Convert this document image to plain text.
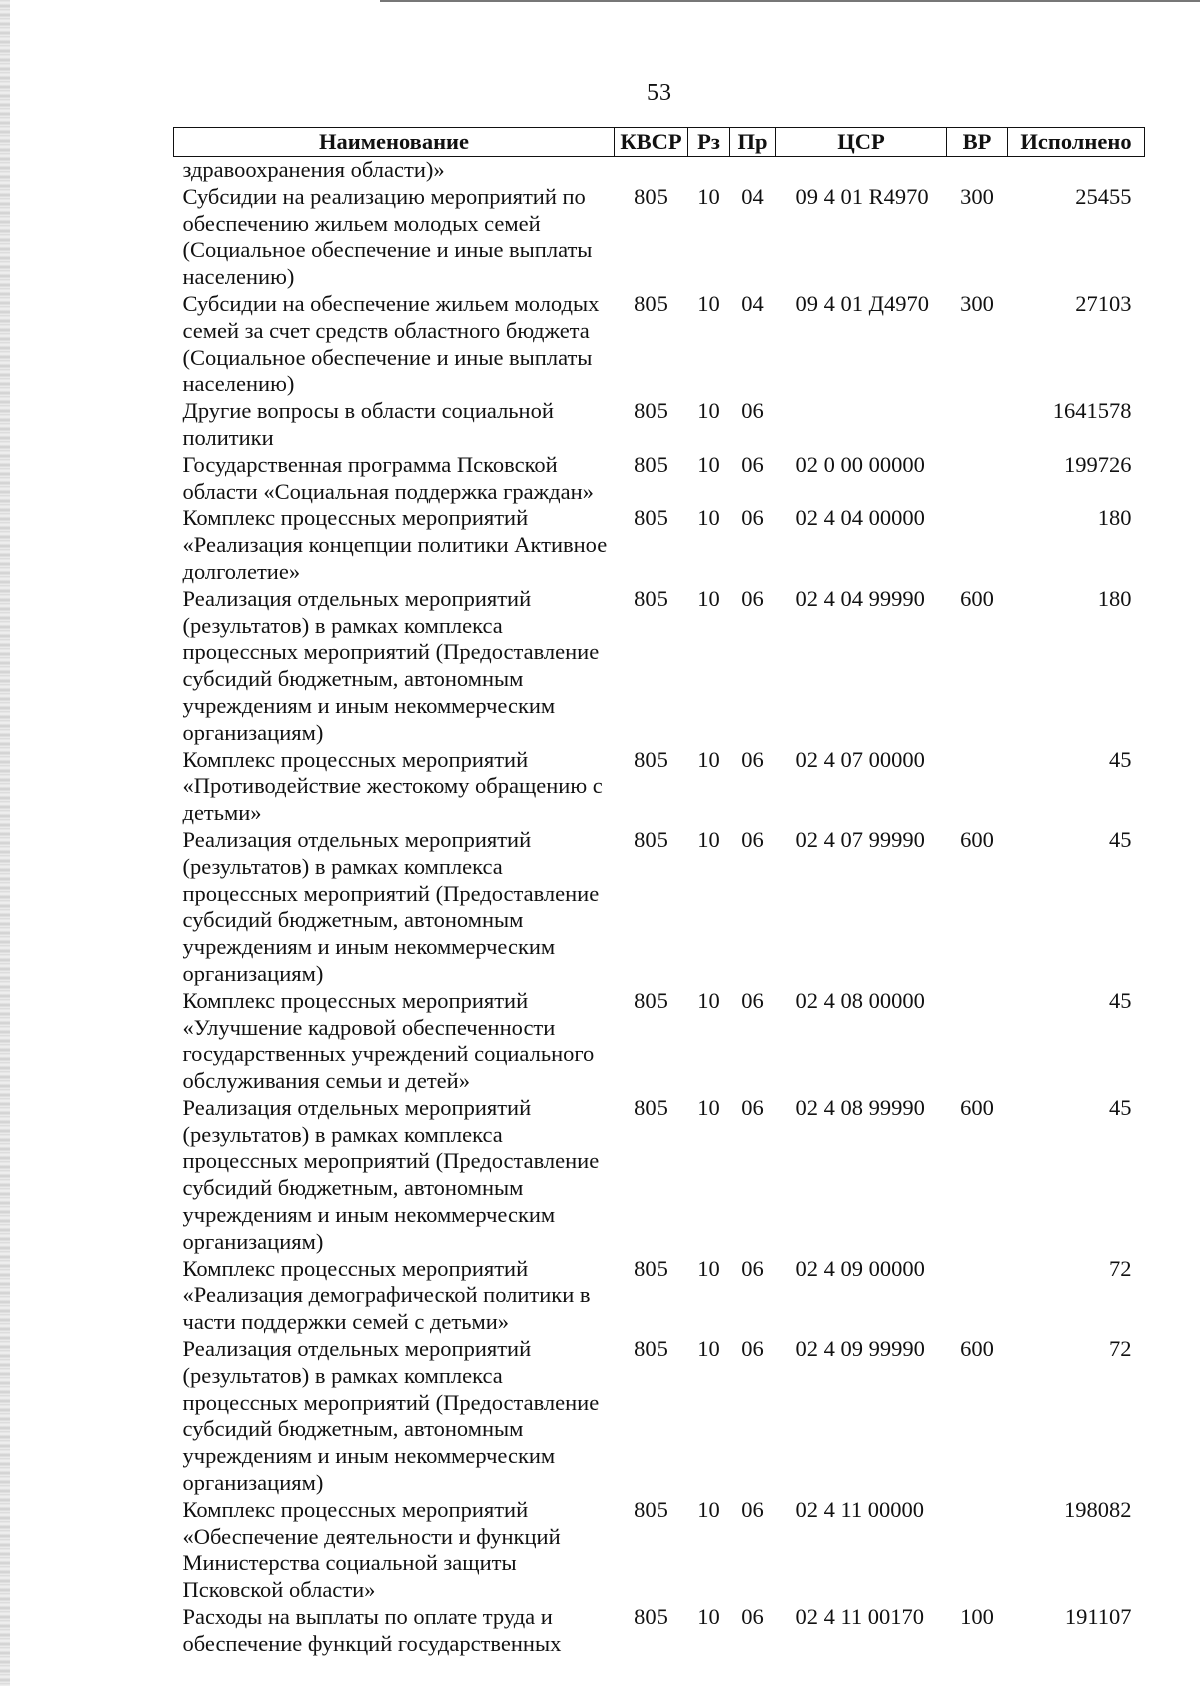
53
Наименование	КВСР	Рз	Пр	ЦСР	ВР	Исполнено
здравоохранения области)»						
Субсидии на реализацию мероприятий по обеспечению жильем молодых семей (Социальное обеспечение и иные выплаты населению)	805	10	04	09 4 01 R4970	300	25455
Субсидии на обеспечение жильем молодых семей за счет средств областного бюджета (Социальное обеспечение и иные выплаты населению)	805	10	04	09 4 01 Д4970	300	27103
Другие вопросы в области социальной политики	805	10	06			1641578
Государственная программа Псковской области «Социальная поддержка граждан»	805	10	06	02 0 00 00000		199726
Комплекс процессных мероприятий «Реализация концепции политики Активное долголетие»	805	10	06	02 4 04 00000		180
Реализация отдельных мероприятий (результатов) в рамках комплекса процессных мероприятий (Предоставление субсидий бюджетным, автономным учреждениям и иным некоммерческим организациям)	805	10	06	02 4 04 99990	600	180
Комплекс процессных мероприятий «Противодействие жестокому обращению с детьми»	805	10	06	02 4 07 00000		45
Реализация отдельных мероприятий (результатов) в рамках комплекса процессных мероприятий (Предоставление субсидий бюджетным, автономным учреждениям и иным некоммерческим организациям)	805	10	06	02 4 07 99990	600	45
Комплекс процессных мероприятий «Улучшение кадровой обеспеченности государственных учреждений социального обслуживания семьи и детей»	805	10	06	02 4 08 00000		45
Реализация отдельных мероприятий (результатов) в рамках комплекса процессных мероприятий (Предоставление субсидий бюджетным, автономным учреждениям и иным некоммерческим организациям)	805	10	06	02 4 08 99990	600	45
Комплекс процессных мероприятий «Реализация демографической политики в части поддержки семей с детьми»	805	10	06	02 4 09 00000		72
Реализация отдельных мероприятий (результатов) в рамках комплекса процессных мероприятий (Предоставление субсидий бюджетным, автономным учреждениям и иным некоммерческим организациям)	805	10	06	02 4 09 99990	600	72
Комплекс процессных мероприятий «Обеспечение деятельности и функций Министерства социальной защиты Псковской области»	805	10	06	02 4 11 00000		198082
Расходы на выплаты по оплате труда и обеспечение функций государственных	805	10	06	02 4 11 00170	100	191107
